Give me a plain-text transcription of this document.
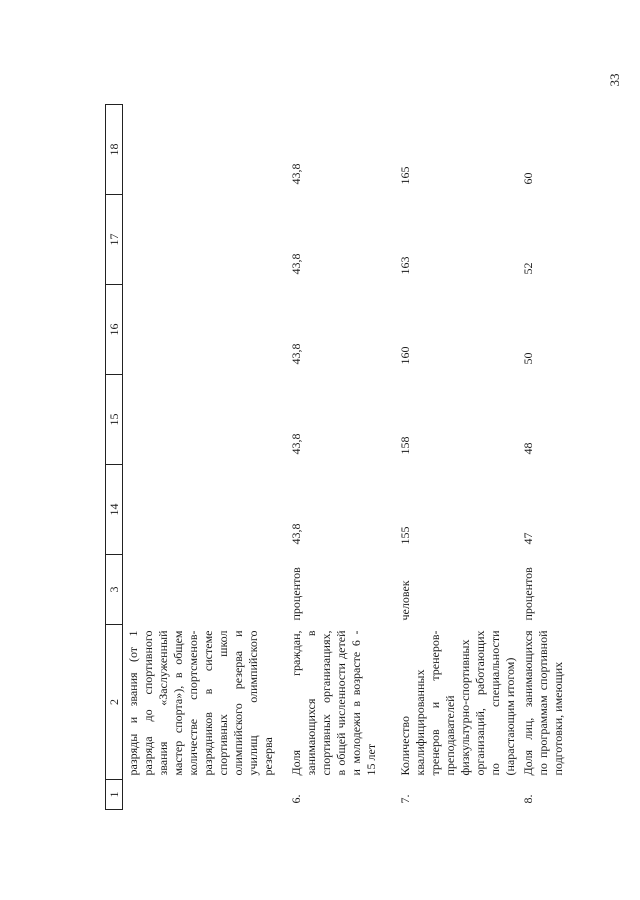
33
1	2	3	14	15	16	17	18
	разряды и звания (от 1 разряда до спортивного звания «Заслуженный мастер спорта»), в общем количестве спортсменов-разрядников в системе спортивных школ олимпийского резерва и училищ олимпийского резерва						
6.	Доля граждан, занимающихся в спортивных организациях, в общей численности детей и молодежи в возрасте 6 - 15 лет	процентов	43,8	43,8	43,8	43,8	43,8
7.	Количество квалифицированных тренеров и тренеров-преподавателей физкультурно-спортивных организаций, работающих по специальности (нарастающим итогом)	человек	155	158	160	163	165
8.	Доля лиц, занимающихся по программам спортивной подготовки, имеющих	процентов	47	48	50	52	60
